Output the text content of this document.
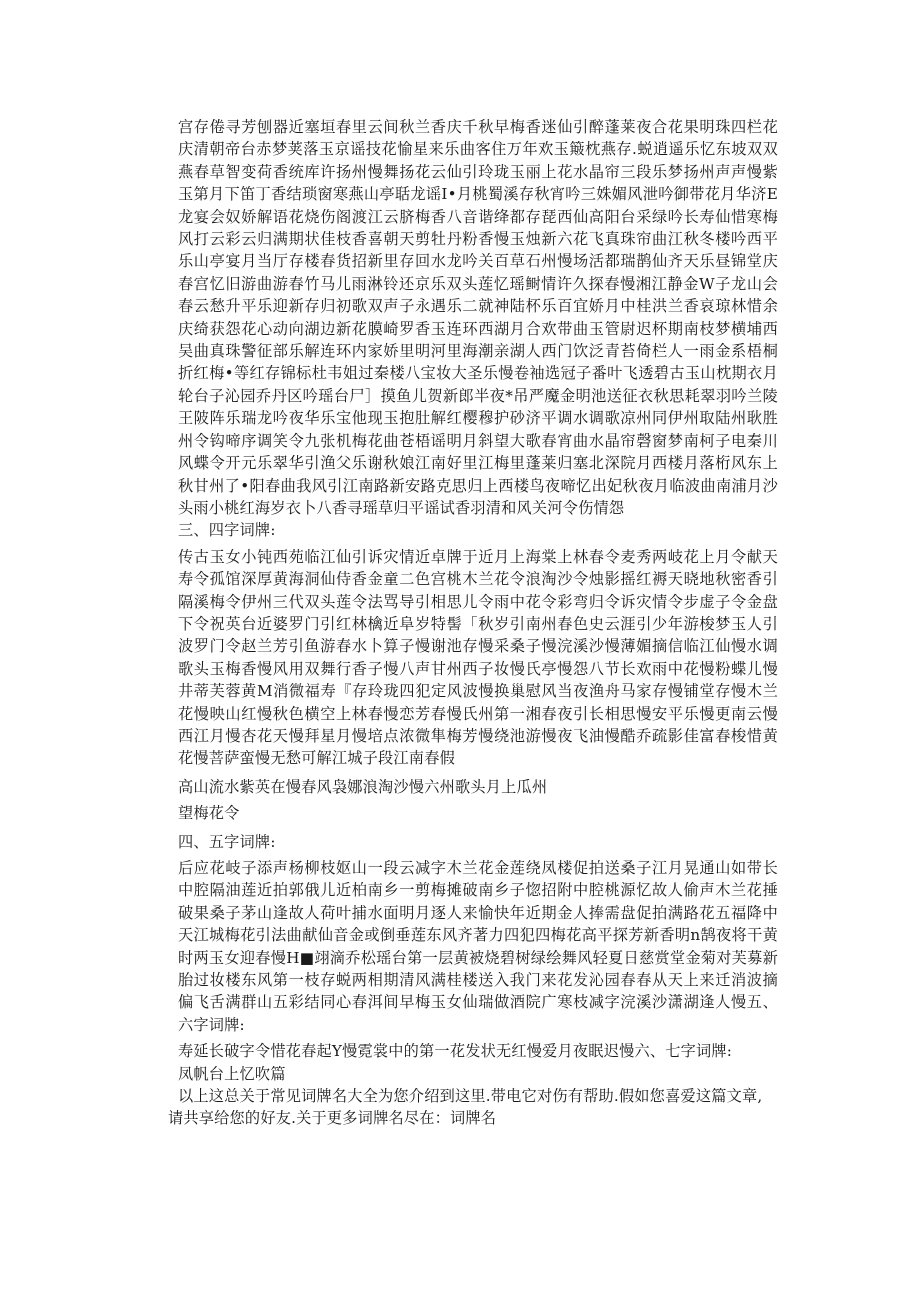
宫存倦寻芳刨器近塞垣春里云间秋兰香庆千秋早梅香迷仙引醉蓬莱夜合花果明珠四栏花庆清朝帝台赤梦荚落玉京谣技花愉星来乐曲客住万年欢玉簸枕燕存.蜕逍遥乐忆东坡双双燕春草智变荷香统库许扬州慢舞扬花云仙引玲珑玉丽上花水晶帘三段乐梦扬州声声慢紫玉第月下笛丁香结琐窗寒燕山亭聒龙谣I•月桃蜀溪存秋宵吟三姝媚风泄吟御带花月华济E龙宴会奴娇解语花烧伤阁渡江云脐梅香八音谐绛都存琵西仙高阳台采绿吟长寿仙惜寒梅风打云彩云归满期状佳枝香喜朝天剪牡丹粉香慢玉烛新六花飞真珠帘曲江秋冬楼吟西平乐山亭宴月当厅存楼春货招新里存回水龙吟关百草石州慢场活都瑞鹊仙齐天乐昼锦堂庆春宫忆旧游曲游春竹马儿雨淋铃还京乐双头莲忆瑶鲥情许久探春慢湘江静金W子龙山会春云愁升平乐迎新存归初歌双声子永遇乐二就神陆杯乐百宜娇月中桂洪兰香哀琼林惜余庆绮获怨花心动向湖边新花膜崎罗香玉连环西湖月合欢带曲玉管尉迟杯期南枝梦横埔西吴曲真珠警征部乐解连环内家娇里明河里海潮亲湖人西门饮泛青苔倚栏人一雨金系梧桐折红梅•等红存锦标杜韦姐过秦楼八宝妆大圣乐慢卷袖选冠子番叶飞透碧古玉山枕期衣月轮台子沁园乔丹区吟瑶台尸］摸鱼儿贺新郎半夜*吊严魔金明池送征衣秋思耗翠羽吟兰陵王陂阵乐瑞龙吟夜华乐宝他现玉抱肚解红樱穆护砂济平调水调歌凉州同伊州取陆州耿胜州令钩啼序调笑令九张机梅花曲苍梧谣明月斜望大歌春宵曲水晶帘磬窗梦南柯子电秦川风蝶令开元乐翠华引渔父乐谢秋娘江南好里江梅里蓬莱归塞北深院月西楼月落桁风东上秋甘州了•阳春曲我风引江南路新安路克思归上西楼鸟夜啼忆出妃秋夜月临波曲南浦月沙头雨小桃红海岁衣卜八香寻瑶草归平谣试香羽清和风关河令伤情怨

三、四字词牌:

传古玉女小钝西苑临江仙引诉灾情近卓牌于近月上海棠上林春令麦秀两岐花上月令献天寿令孤馆深厚黄海洞仙侍香金童二色宫桃木兰花令浪淘沙令烛影摇红褥天晓地秋密香引隔溪梅令伊州三代双头莲令法骂导引相思儿令雨中花令彩弯归令诉灾情令步虚子令金盘下令祝英台近婆罗门引红林檎近阜岁特髻「秋岁引南州春色史云涯引少年游梭梦玉人引波罗门令赵兰芳引鱼游春水卜算子慢谢池存慢采桑子慢浣溪沙慢薄媚摘信临江仙慢水调歌头玉梅香慢风用双舞行香子慢八声甘州西子妆慢氏亭慢怨八节长欢雨中花慢粉蝶儿慢井蒂芙蓉黄M消微福寿『存玲珑四犯定风波慢换巢慰风当夜渔舟马家存慢铺堂存慢木兰花慢映山红慢秋色横空上林春慢恋芳春慢氏州第一湘春夜引长相思慢安平乐慢更南云慢西江月慢杏花天慢拜星月慢培点浓微隼梅芳慢绕池游慢夜飞油慢酷乔疏影佳富春梭惜黄花慢菩萨蛮慢无愁可解江城子段江南春假

高山流水紫英在慢春风袅娜浪淘沙慢六州歌头月上瓜州

望梅花令

四、五字词牌:

后应花岐子添声杨柳枝妪山一段云减字木兰花金莲绕凤楼促拍送桑子江月晃通山如带长中腔隔油莲近拍郭俄儿近柏南乡一剪梅摊破南乡子惚招附中腔桃源忆故人偷声木兰花捶破果桑子茅山逢故人荷叶捕水面明月逐人来愉快年近期金人捧需盘促拍满路花五福降中天江城梅花引法曲献仙音金或倒垂莲东风齐著力四犯四梅花高平探芳新香明n鹄夜将干黄时两玉女迎春慢H■翊滴乔松瑶台第一层黄被烧碧树绿绘舞风轻夏日慈赏堂金菊对芙募新胎过妆楼东风第一枝存蜕两相期清风满桂楼送入我门来花发沁园春春从天上来迁消波摘偏飞舌满群山五彩结同心春洱间早梅玉女仙瑞做酒院广寒枝减字浣溪沙潇湖逢人慢五、六字词牌:

寿延长破字令惜花春起Y慢霓裳中的第一花发状无红慢爱月夜眠迟慢六、七字词牌:

凤帆台上忆吹篇

以上这总关于常见词牌名大全为您介绍到这里.带电它对伤有帮助.假如您喜爱这篇文章,

请共享给您的好友.关于更多词牌名尽在：词牌名
